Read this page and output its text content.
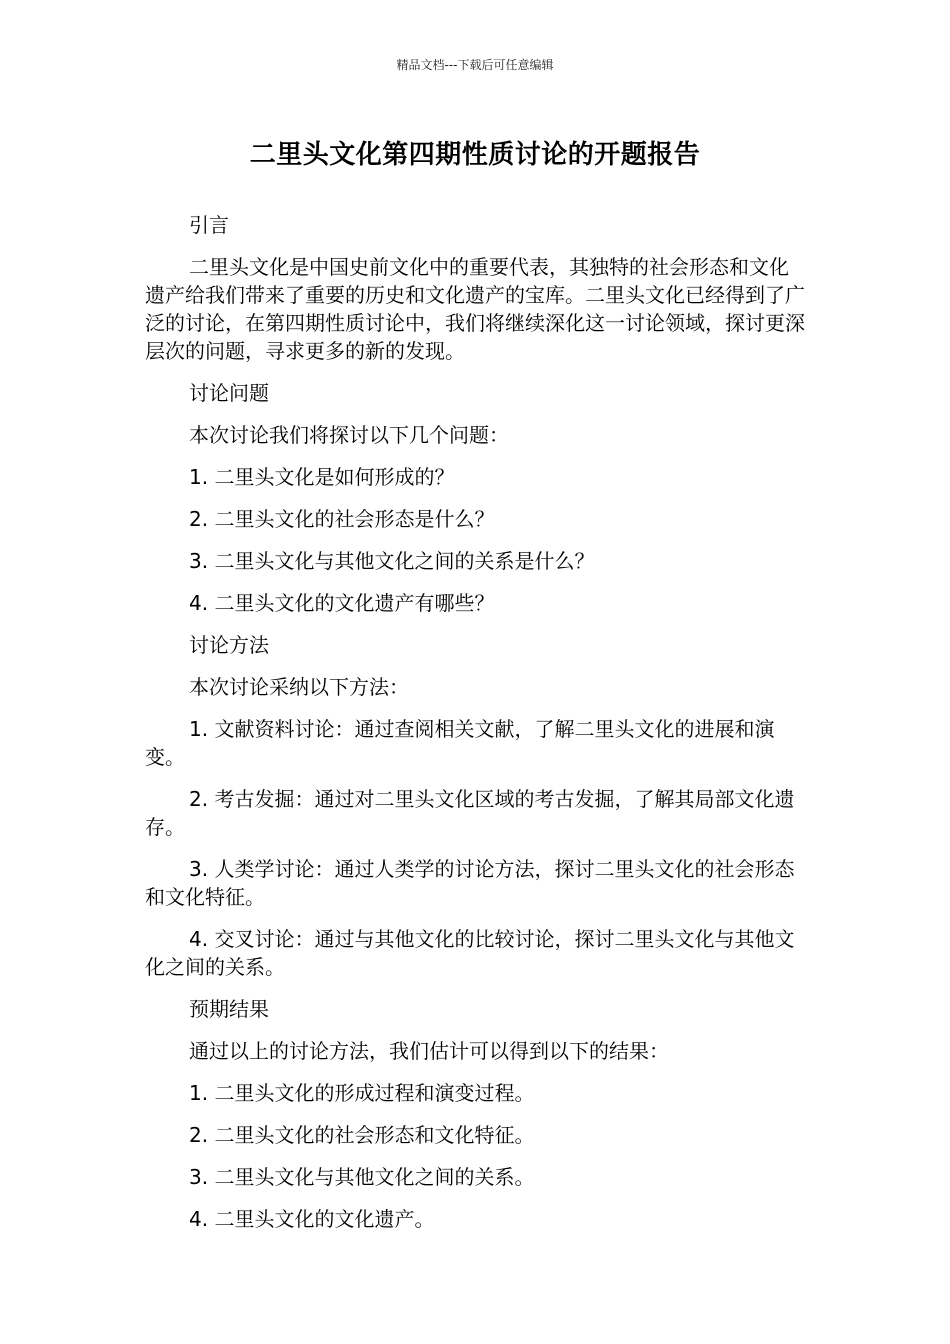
精品文档---下载后可任意编辑
二里头文化第四期性质讨论的开题报告

引言

二里头文化是中国史前文化中的重要代表，其独特的社会形态和文化遗产给我们带来了重要的历史和文化遗产的宝库。二里头文化已经得到了广泛的讨论，在第四期性质讨论中，我们将继续深化这一讨论领域，探讨更深层次的问题，寻求更多的新的发现。

讨论问题

本次讨论我们将探讨以下几个问题：

1. 二里头文化是如何形成的？

2. 二里头文化的社会形态是什么？

3. 二里头文化与其他文化之间的关系是什么？

4. 二里头文化的文化遗产有哪些？

讨论方法

本次讨论采纳以下方法：

1. 文献资料讨论：通过查阅相关文献，了解二里头文化的进展和演变。

2. 考古发掘：通过对二里头文化区域的考古发掘，了解其局部文化遗存。

3. 人类学讨论：通过人类学的讨论方法，探讨二里头文化的社会形态和文化特征。

4. 交叉讨论：通过与其他文化的比较讨论，探讨二里头文化与其他文化之间的关系。

预期结果

通过以上的讨论方法，我们估计可以得到以下的结果：

1. 二里头文化的形成过程和演变过程。

2. 二里头文化的社会形态和文化特征。

3. 二里头文化与其他文化之间的关系。

4. 二里头文化的文化遗产。
